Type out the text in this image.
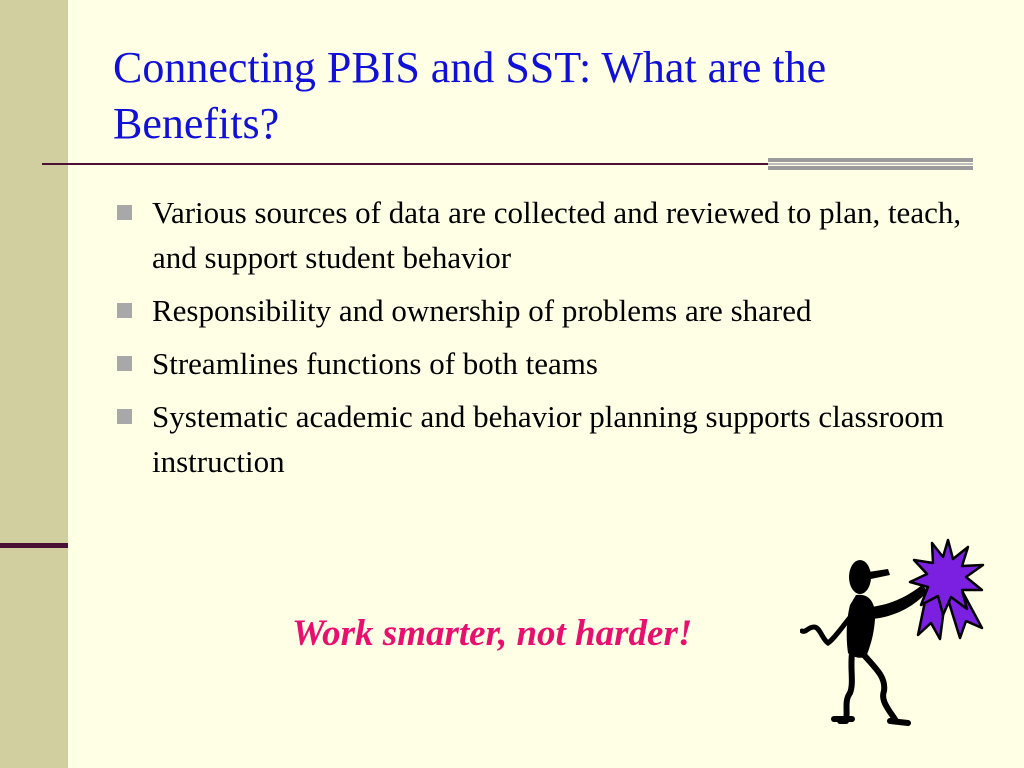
Connecting PBIS and SST: What are the Benefits?
Various sources of data are collected and reviewed to plan, teach, and support student behavior
Responsibility and ownership of problems are shared
Streamlines functions of both teams
Systematic academic and behavior planning supports classroom instruction

Work smarter, not harder!
